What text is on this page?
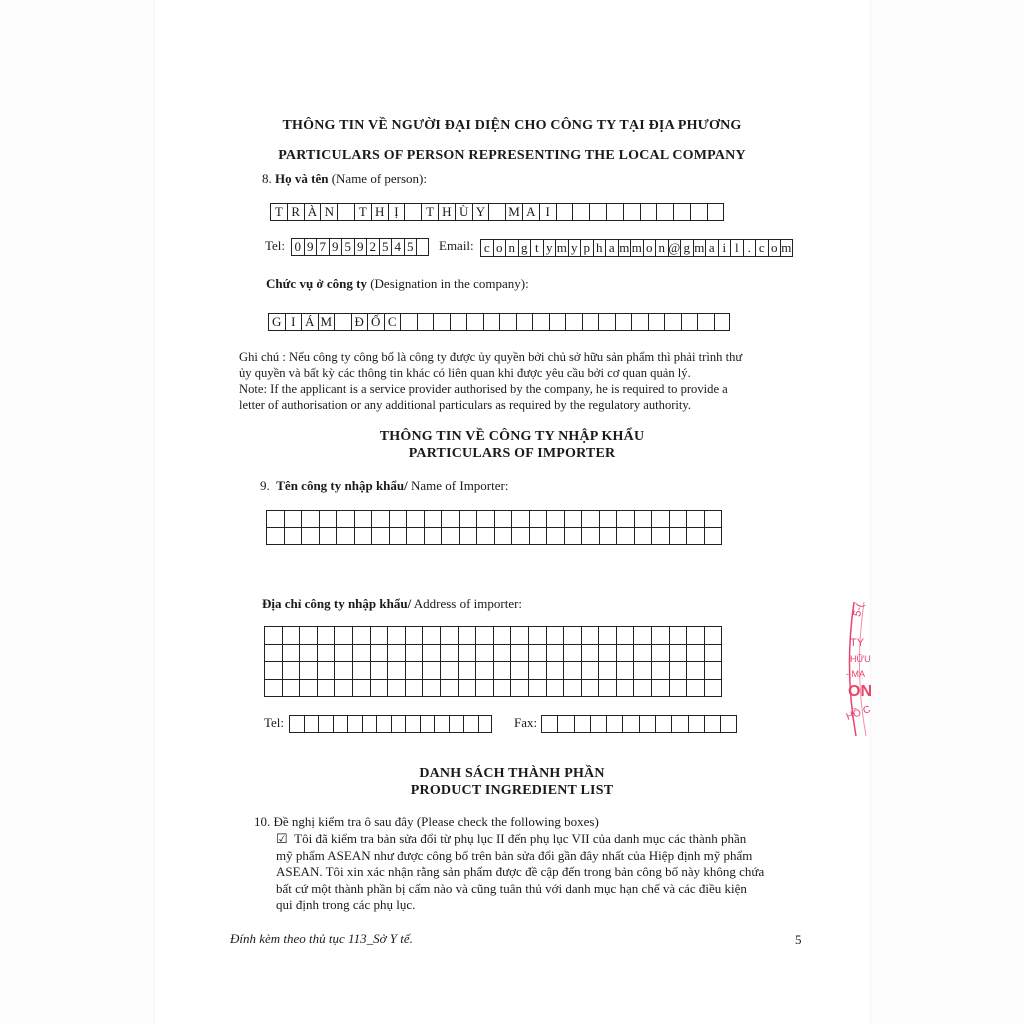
THÔNG TIN VỀ NGƯỜI ĐẠI DIỆN CHO CÔNG TY TẠI ĐỊA PHƯƠNG
PARTICULARS OF PERSON REPRESENTING THE LOCAL COMPANY
8. Họ và tên (Name of person):
T R À N	T H Ị	T H Ù Y M A I
Tel: 0 9 7 9 5 9 2 5 4 5 Email: c o n g t y m y p h a m m o n @ g m a i l . c o m
Chức vụ ở công ty (Designation in the company):
G I Á M	Đ Ố C
Ghi chú : Nếu công ty công bố là công ty được ủy quyền bởi chủ sở hữu sản phẩm thì phải trình thư
ủy quyền và bất kỳ các thông tin khác có liên quan khi được yêu cầu bởi cơ quan quản lý.
Note: If the applicant is a service provider authorised by the company, he is required to provide a
letter of authorisation or any additional particulars as required by the regulatory authority.
THÔNG TIN VỀ CÔNG TY NHẬP KHẨU
PARTICULARS OF IMPORTER
9. Tên công ty nhập khẩu/ Name of Importer:
Địa chỉ công ty nhập khẩu/ Address of importer:
Tel:	Fax:
DANH SÁCH THÀNH PHẦN
PRODUCT INGREDIENT LIST
10. Đề nghị kiểm tra ô sau đây (Please check the following boxes)
☑ Tôi đã kiểm tra bản sửa đổi từ phụ lục II đến phụ lục VII của danh mục các thành phần
mỹ phẩm ASEAN như được công bố trên bản sửa đổi gần đây nhất của Hiệp định mỹ phẩm
ASEAN. Tôi xin xác nhận rằng sản phẩm được đề cập đến trong bản công bố này không chứa
bất cứ một thành phần bị cấm nào và cũng tuân thủ với danh mục hạn chế và các điều kiện
qui định trong các phụ lục.
Đính kèm theo thủ tục 113_Sở Y tế.	5
5-(
TY
HỮU
- MẠ
ON
HỒ C
